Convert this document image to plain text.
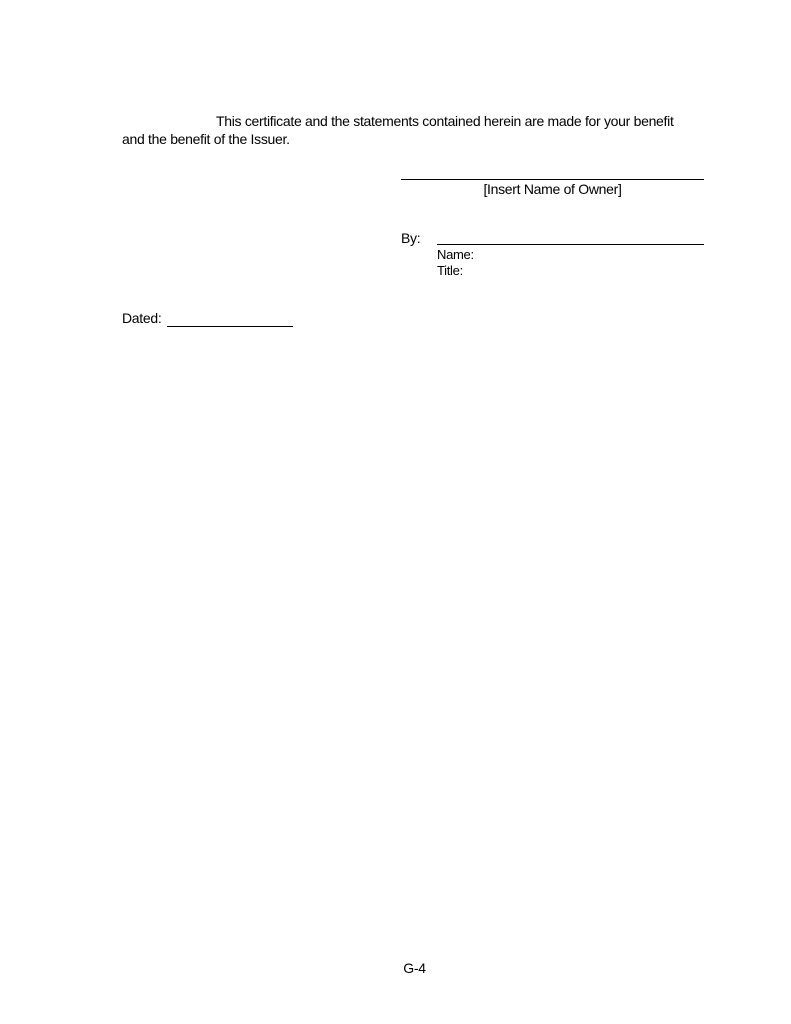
This certificate and the statements contained herein are made for your benefit
and the benefit of the Issuer.
[Insert Name of Owner]
By:
Name:
Title:
Dated:
G-4
